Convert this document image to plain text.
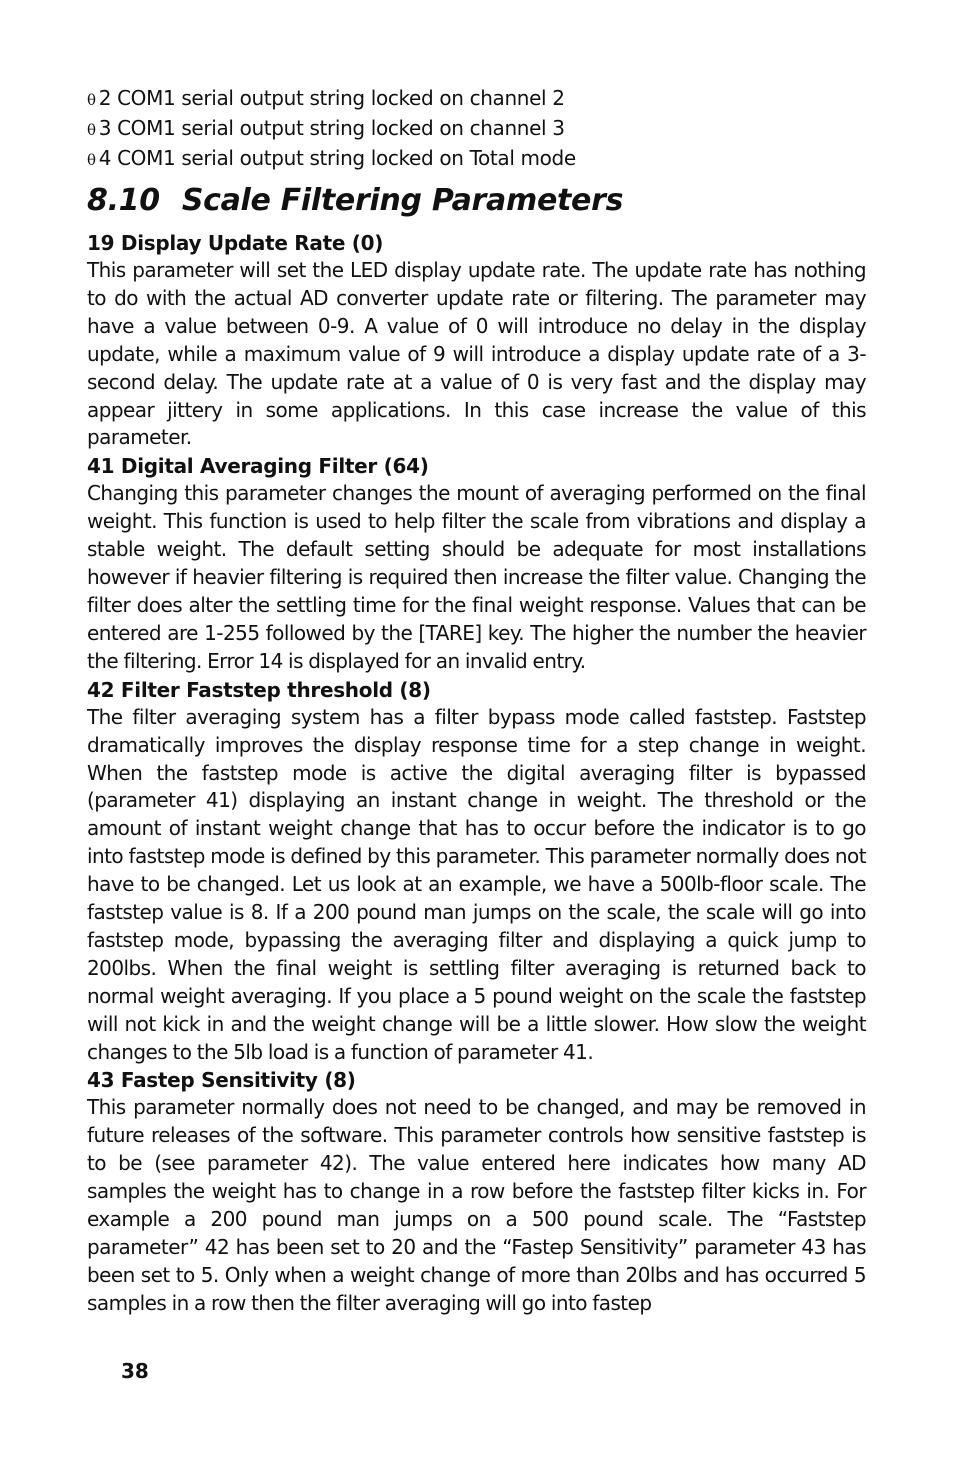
θ 2 COM1 serial output string locked on channel 2
θ 3 COM1 serial output string locked on channel 3
θ 4 COM1 serial output string locked on Total mode
8.10 Scale Filtering Parameters
19 Display Update Rate (0)

This parameter will set the LED display update rate. The update rate has nothing to do with the actual AD converter update rate or filtering. The parameter may have a value between 0-9. A value of 0 will introduce no delay in the display update, while a maximum value of 9 will introduce a display update rate of a 3-second delay. The update rate at a value of 0 is very fast and the display may appear jittery in some applications. In this case increase the value of this parameter.

41 Digital Averaging Filter (64)

Changing this parameter changes the mount of averaging performed on the final weight. This function is used to help filter the scale from vibrations and display a stable weight. The default setting should be adequate for most installations however if heavier filtering is required then increase the filter value. Changing the filter does alter the settling time for the final weight response. Values that can be entered are 1-255 followed by the [TARE] key. The higher the number the heavier the filtering. Error 14 is displayed for an invalid entry.

42 Filter Faststep threshold (8)

The filter averaging system has a filter bypass mode called faststep. Faststep dramatically improves the display response time for a step change in weight. When the faststep mode is active the digital averaging filter is bypassed (parameter 41) displaying an instant change in weight. The threshold or the amount of instant weight change that has to occur before the indicator is to go into faststep mode is defined by this parameter. This parameter normally does not have to be changed. Let us look at an example, we have a 500lb-floor scale. The faststep value is 8. If a 200 pound man jumps on the scale, the scale will go into faststep mode, bypassing the averaging filter and displaying a quick jump to 200lbs. When the final weight is settling filter averaging is returned back to normal weight averaging. If you place a 5 pound weight on the scale the faststep will not kick in and the weight change will be a little slower. How slow the weight changes to the 5lb load is a function of parameter 41.

43 Fastep Sensitivity (8)

This parameter normally does not need to be changed, and may be removed in future releases of the software. This parameter controls how sensitive faststep is to be (see parameter 42). The value entered here indicates how many AD samples the weight has to change in a row before the faststep filter kicks in. For example a 200 pound man jumps on a 500 pound scale. The “Faststep parameter” 42 has been set to 20 and the “Fastep Sensitivity” parameter 43 has been set to 5. Only when a weight change of more than 20lbs and has occurred 5 samples in a row then the filter averaging will go into fastep

38
